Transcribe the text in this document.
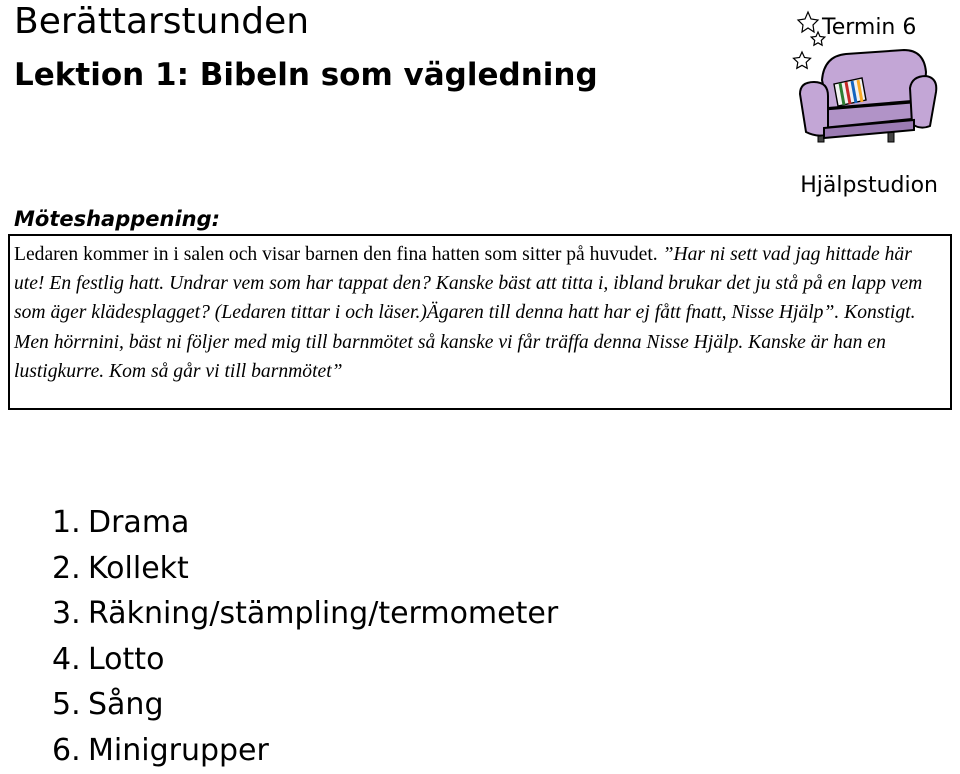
Berättarstunden
Lektion 1: Bibeln som vägledning
Termin 6
Hjälpstudion
Möteshappening:

Ledaren kommer in i salen och visar barnen den fina hatten som sitter på huvudet. ”Har ni sett vad jag hittade här ute! En festlig hatt. Undrar vem som har tappat den? Kanske bäst att titta i, ibland brukar det ju stå på en lapp vem som äger klädesplagget? (Ledaren tittar i och läser.)Ägaren till denna hatt har ej fått fnatt, Nisse Hjälp”. Konstigt. Men hörrnini, bäst ni följer med mig till barnmötet så kanske vi får träffa denna Nisse Hjälp. Kanske är han en lustigkurre. Kom så går vi till barnmötet”

1. Drama
2. Kollekt
3. Räkning/stämpling/termometer
4. Lotto
5. Sång
6. Minigrupper
